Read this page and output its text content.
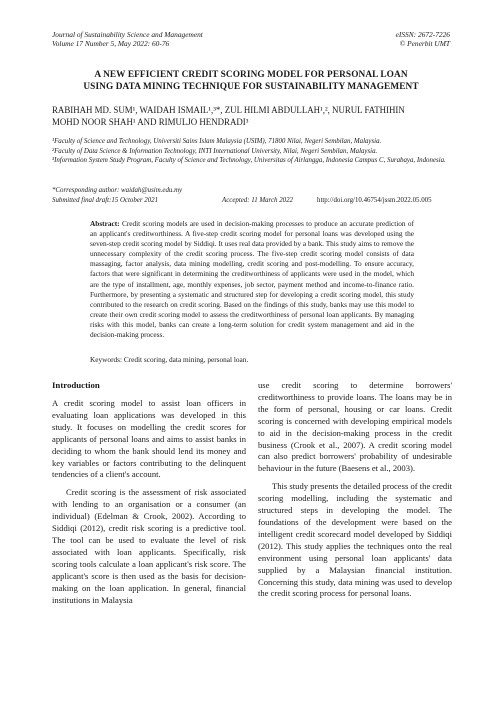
Journal of Sustainability Science and Management
Volume 17 Number 5, May 2022: 60-76
eISSN: 2672-7226
© Penerbit UMT
A NEW EFFICIENT CREDIT SCORING MODEL FOR PERSONAL LOAN
USING DATA MINING TECHNIQUE FOR SUSTAINABILITY MANAGEMENT
RABIHAH MD. SUM¹, WAIDAH ISMAIL¹,³*, ZUL HILMI ABDULLAH¹,², NURUL FATHIHIN
MOHD NOOR SHAH¹ AND RIMULJO HENDRADI³
¹Faculty of Science and Technology, Universiti Sains Islam Malaysia (USIM), 71800 Nilai, Negeri Sembilan, Malaysia.
²Faculty of Data Science & Information Technology, INTI International University, Nilai, Negeri Sembilan, Malaysia.
³Information System Study Program, Faculty of Science and Technology, Universitas of Airlangga, Indonesia Campus C, Surabaya, Indonesia.
*Corresponding author: waidah@usim.edu.my
Submitted final draft:15 October 2021	Accepted: 11 March 2022	http://doi.org/10.46754/jssm.2022.05.005
Abstract: Credit scoring models are used in decision-making processes to produce an accurate prediction of an applicant's creditworthiness. A five-step credit scoring model for personal loans was developed using the seven-step credit scoring model by Siddiqi. It uses real data provided by a bank. This study aims to remove the unnecessary complexity of the credit scoring process. The five-step credit scoring model consists of data massaging, factor analysis, data mining modelling, credit scoring and post-modelling. To ensure accuracy, factors that were significant in determining the creditworthiness of applicants were used in the model, which are the type of installment, age, monthly expenses, job sector, payment method and income-to-finance ratio. Furthermore, by presenting a systematic and structured step for developing a credit scoring model, this study contributed to the research on credit scoring. Based on the findings of this study, banks may use this model to create their own credit scoring model to assess the creditworthiness of personal loan applicants. By managing risks with this model, banks can create a long-term solution for credit system management and aid in the decision-making process.
Keywords: Credit scoring, data mining, personal loan.
Introduction

A credit scoring model to assist loan officers in evaluating loan applications was developed in this study. It focuses on modelling the credit scores for applicants of personal loans and aims to assist banks in deciding to whom the bank should lend its money and key variables or factors contributing to the delinquent tendencies of a client's account.

Credit scoring is the assessment of risk associated with lending to an organisation or a consumer (an individual) (Edelman & Crook, 2002). According to Siddiqi (2012), credit risk scoring is a predictive tool. The tool can be used to evaluate the level of risk associated with loan applicants. Specifically, risk scoring tools calculate a loan applicant's risk score. The applicant's score is then used as the basis for decision-making on the loan application. In general, financial institutions in Malaysia

use credit scoring to determine borrowers' creditworthiness to provide loans. The loans may be in the form of personal, housing or car loans. Credit scoring is concerned with developing empirical models to aid in the decision-making process in the credit business (Crook et al., 2007). A credit scoring model can also predict borrowers' probability of undesirable behaviour in the future (Baesens et al., 2003).

This study presents the detailed process of the credit scoring modelling, including the systematic and structured steps in developing the model. The foundations of the development were based on the intelligent credit scorecard model developed by Siddiqi (2012). This study applies the techniques onto the real environment using personal loan applicants' data supplied by a Malaysian financial institution. Concerning this study, data mining was used to develop the credit scoring process for personal loans.
